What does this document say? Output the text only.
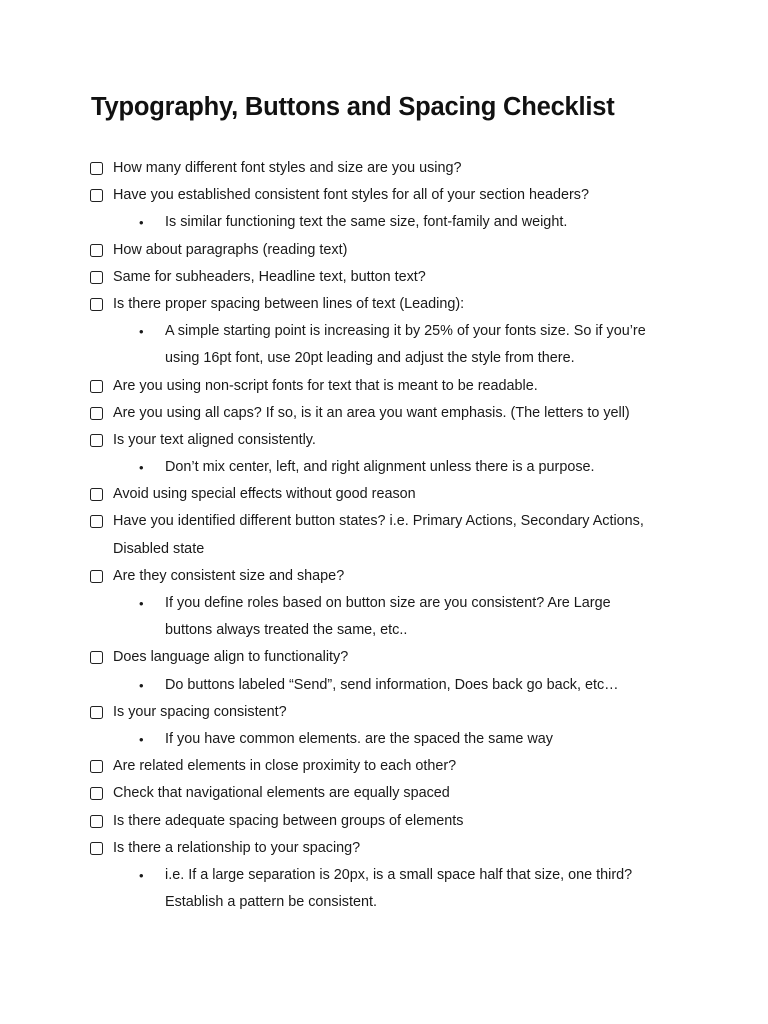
Typography, Buttons and Spacing Checklist
How many different font styles and size are you using?
Have you established consistent font styles for all of your section headers?
• Is similar functioning text the same size, font-family and weight.
How about paragraphs (reading text)
Same for subheaders, Headline text, button text?
Is there proper spacing between lines of text (Leading):
• A simple starting point is increasing it by 25% of your fonts size. So if you’re
using 16pt font, use 20pt leading and adjust the style from there.
Are you using non-script fonts for text that is meant to be readable.
Are you using all caps? If so, is it an area you want emphasis. (The letters to yell)
Is your text aligned consistently.
• Don’t mix center, left, and right alignment unless there is a purpose.
Avoid using special effects without good reason
Have you identified different button states? i.e. Primary Actions, Secondary Actions,
Disabled state
Are they consistent size and shape?
• If you define roles based on button size are you consistent? Are Large
buttons always treated the same, etc..
Does language align to functionality?
• Do buttons labeled “Send”, send information, Does back go back, etc…
Is your spacing consistent?
• If you have common elements. are the spaced the same way
Are related elements in close proximity to each other?
Check that navigational elements are equally spaced
Is there adequate spacing between groups of elements
Is there a relationship to your spacing?
• i.e. If a large separation is 20px, is a small space half that size, one third?
Establish a pattern be consistent.
